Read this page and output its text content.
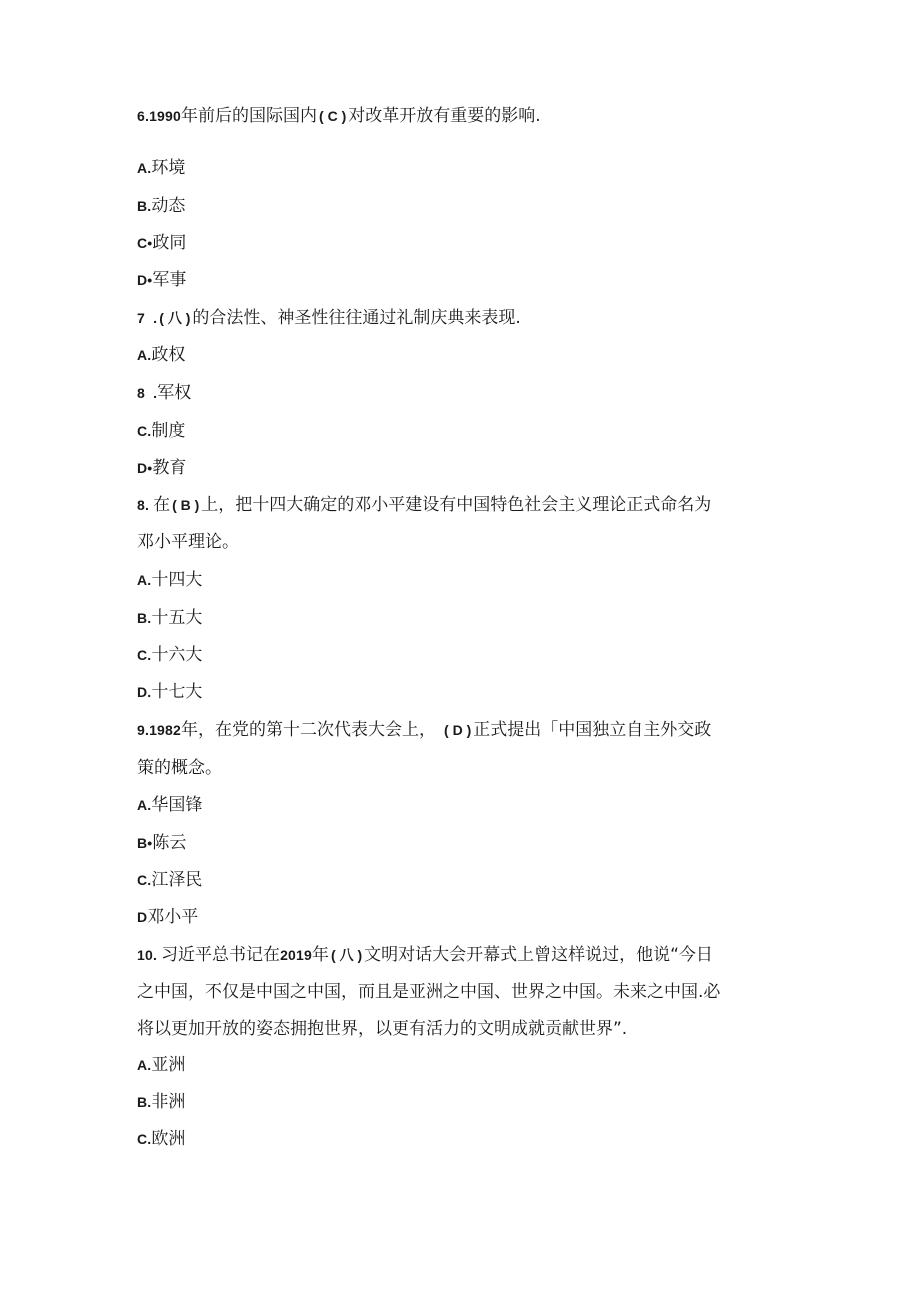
6.1990年前后的国际国内 ( C ) 对改革开放有重要的影响.
A.环境
B.动态
C•政同
D•军事
7  . ( 八 ) 的合法性、神圣性往往通过礼制庆典来表现.
A.政权
8  .军权
C.制度
D•教育
8. 在 ( B ) 上，把十四大确定的邓小平建设有中国特色社会主义理论正式命名为
邓小平理论。
A.十四大
B.十五大
C.十六大
D.十七大
9.1982年，在党的第十二次代表大会上， ( D ) 正式提出「中国独立自主外交政
策的概念。
A.华国锋
B•陈云
C.江泽民
D邓小平
10. 习近平总书记在2019年 ( 八 ) 文明对话大会开幕式上曾这样说过，他说“今日
之中国，不仅是中国之中国，而且是亚洲之中国、世界之中国。未来之中国.必
将以更加开放的姿态拥抱世界，以更有活力的文明成就贡献世界”.
A.亚洲
B.非洲
C.欧洲
